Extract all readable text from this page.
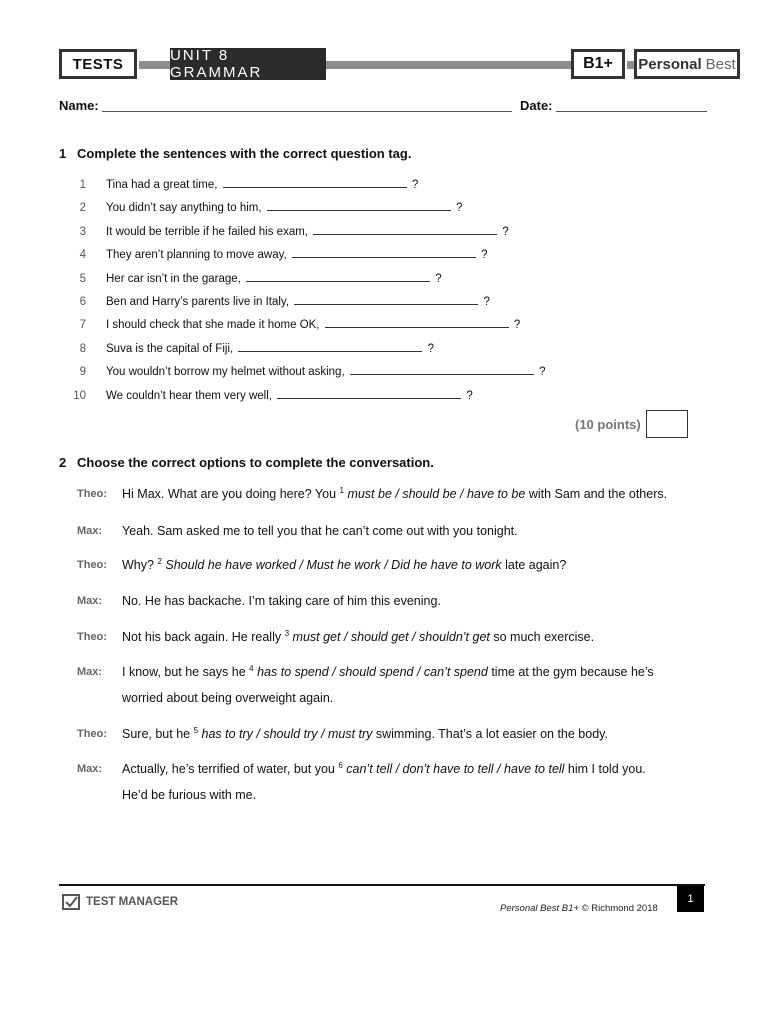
TESTS	UNIT 8 GRAMMAR
B1+	Personal Best
Name:	Date:
1 Complete the sentences with the correct question tag.
1 Tina had a great time,	?
2 You didn’t say anything to him,	?
3 It would be terrible if he failed his exam,	?
4 They aren’t planning to move away,	?
5 Her car isn’t in the garage,	?
6 Ben and Harry’s parents live in Italy,	?
7 I should check that she made it home OK,	?
8 Suva is the capital of Fiji,	?
9 You wouldn’t borrow my helmet without asking,	?
10 We couldn’t hear them very well,	?
(10 points)
2 Choose the correct options to complete the conversation.
Theo: Hi Max. What are you doing here? You $^1$ must be / should be / have to be with Sam and the others.
Max: Yeah. Sam asked me to tell you that he can’t come out with you tonight.
Theo: Why? $^2$ Should he have worked / Must he work / Did he have to work late again?
Max: No. He has backache. I’m taking care of him this evening.
Theo: Not his back again. He really $^3$ must get / should get / shouldn’t get so much exercise.
Max: I know, but he says he $^4$ has to spend / should spend / can’t spend time at the gym because he’s
worried about being overweight again.
Theo: Sure, but he $^5$ has to try / should try / must try swimming. That’s a lot easier on the body.
Max: Actually, he’s terrified of water, but you $^6$ can’t tell / don’t have to tell / have to tell him I told you.
He’d be furious with me.
TEST MANAGER
Personal Best B1+ © Richmond 2018
1
